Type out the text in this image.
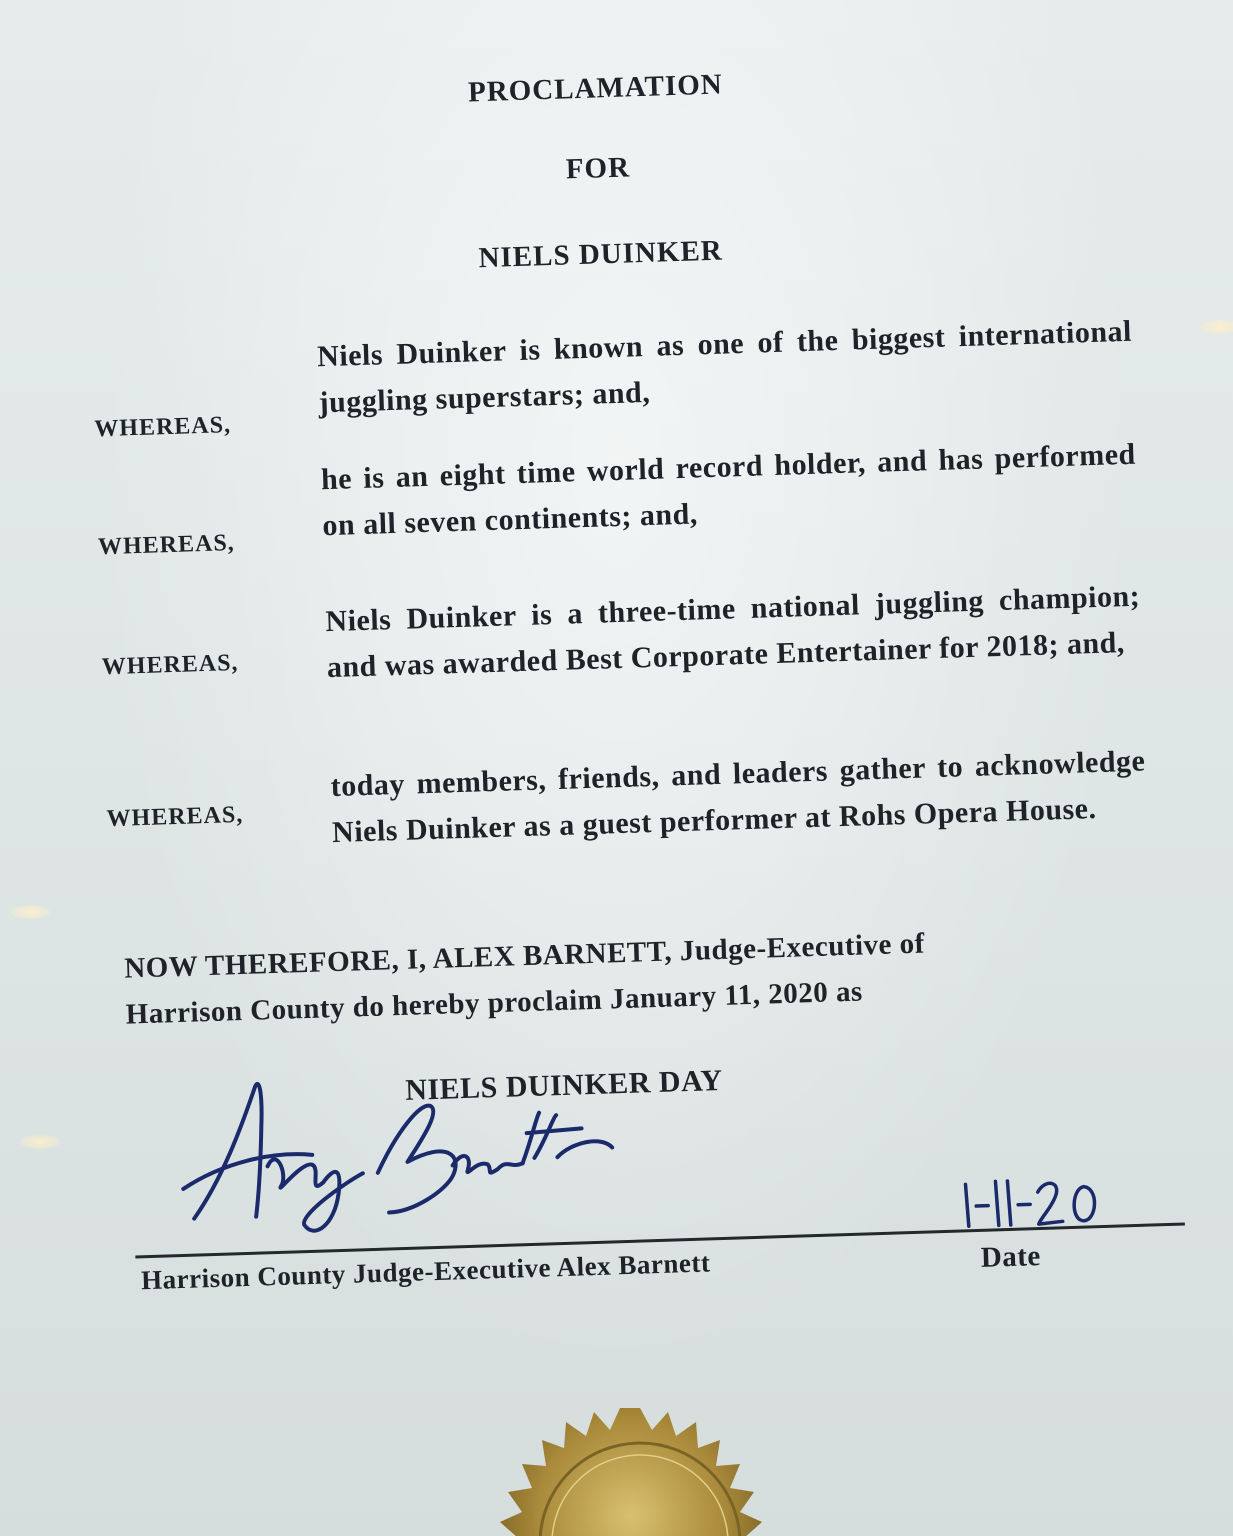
PROCLAMATION
FOR
NIELS DUINKER
WHEREAS,
Niels Duinker is known as one of the biggest international juggling superstars; and,
WHEREAS,
he is an eight time world record holder, and has performed on all seven continents; and,
WHEREAS,
Niels Duinker is a three-time national juggling champion; and was awarded Best Corporate Entertainer for 2018; and,
WHEREAS,
today members, friends, and leaders gather to acknowledge Niels Duinker as a guest performer at Rohs Opera House.
NOW THEREFORE, I, ALEX BARNETT, Judge-Executive of
Harrison County do hereby proclaim January 11, 2020 as
NIELS DUINKER DAY
Harrison County Judge-Executive Alex Barnett	Date
